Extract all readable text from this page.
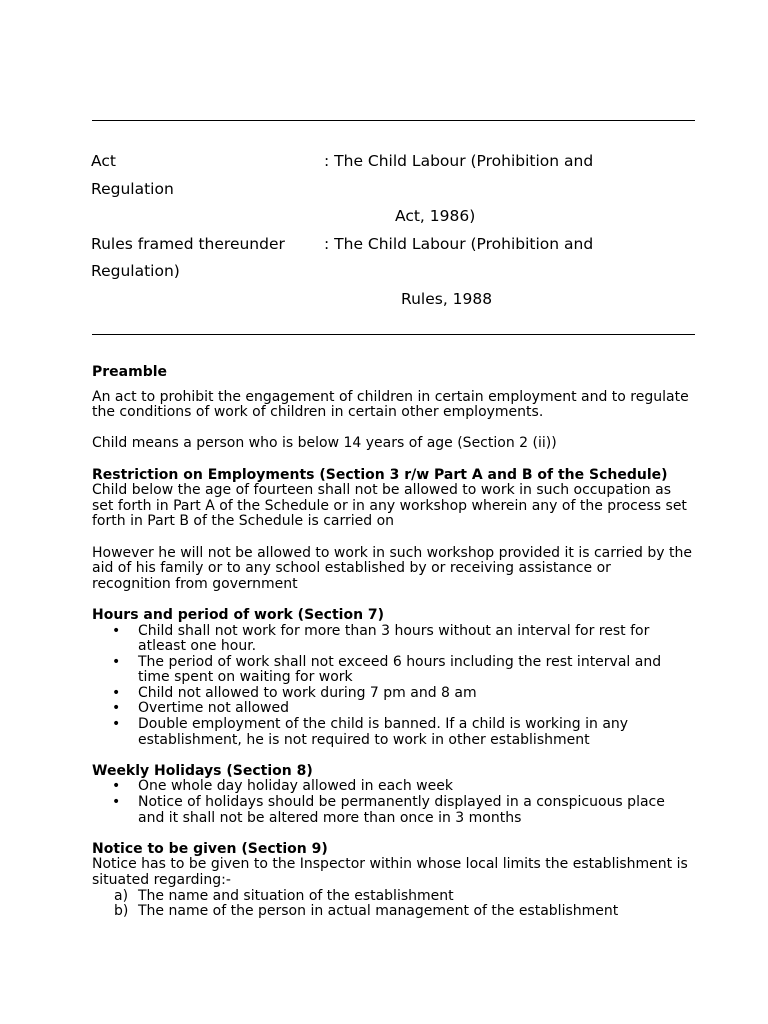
Act	: The Child Labour (Prohibition and
Regulation
Act, 1986)
Rules framed thereunder	: The Child Labour (Prohibition and
Regulation)
Rules, 1988

Preamble

An act to prohibit the engagement of children in certain employment and to regulate the conditions of work of children in certain other employments.

Child means a person who is below 14 years of age (Section 2 (ii))

Restriction on Employments (Section 3 r/w Part A and B of the Schedule)

Child below the age of fourteen shall not be allowed to work in such occupation as set forth in Part A of the Schedule or in any workshop wherein any of the process set forth in Part B of the Schedule is carried on

However he will not be allowed to work in such workshop provided it is carried by the aid of his family or to any school established by or receiving assistance or recognition from government

Hours and period of work (Section 7)

• Child shall not work for more than 3 hours without an interval for rest for atleast one hour.
• The period of work shall not exceed 6 hours including the rest interval and time spent on waiting for work
• Child not allowed to work during 7 pm and 8 am
• Overtime not allowed
• Double employment of the child is banned. If a child is working in any establishment, he is not required to work in other establishment

Weekly Holidays (Section 8)

• One whole day holiday allowed in each week
• Notice of holidays should be permanently displayed in a conspicuous place and it shall not be altered more than once in 3 months

Notice to be given (Section 9)

Notice has to be given to the Inspector within whose local limits the establishment is situated regarding:-

a) The name and situation of the establishment
b) The name of the person in actual management of the establishment
